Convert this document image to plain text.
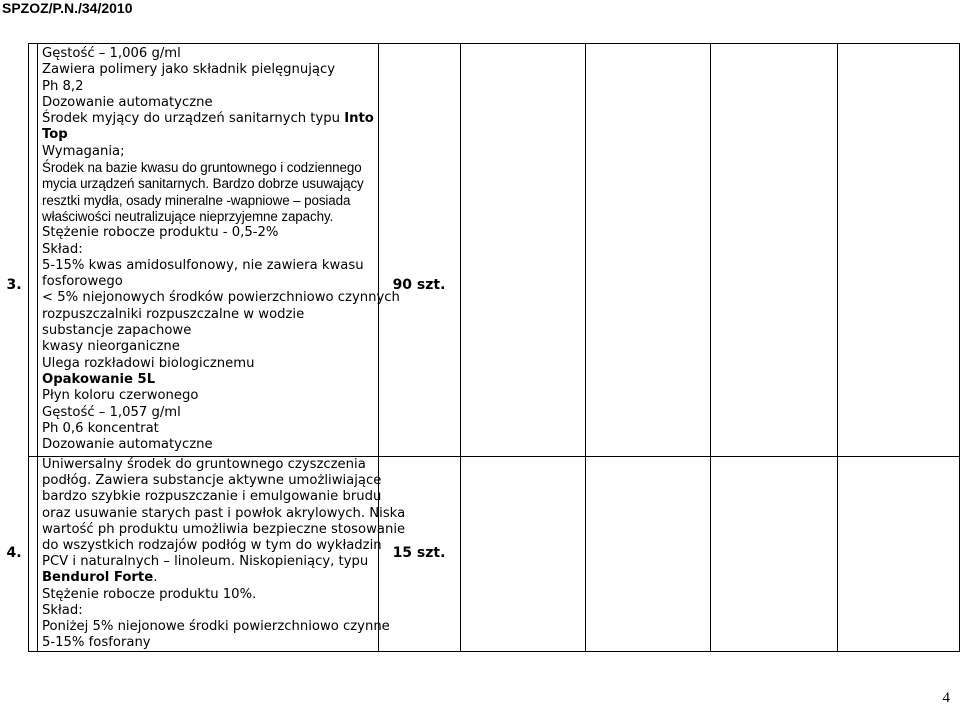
SPZOZ/P.N./34/2010
3.	90 szt.
Gęstość – 1,006 g/ml
Zawiera polimery jako składnik pielęgnujący
Ph 8,2
Dozowanie automatyczne
Środek myjący do urządzeń sanitarnych typu Into
Top
Wymagania;
Środek na bazie kwasu do gruntownego i codziennego
mycia urządzeń sanitarnych. Bardzo dobrze usuwający
resztki mydła, osady mineralne -wapniowe – posiada
właściwości neutralizujące nieprzyjemne zapachy.
Stężenie robocze produktu - 0,5-2%
Skład:
5-15% kwas amidosulfonowy, nie zawiera kwasu
fosforowego
< 5% niejonowych środków powierzchniowo czynnych
rozpuszczalniki rozpuszczalne w wodzie
substancje zapachowe
kwasy nieorganiczne
Ulega rozkładowi biologicznemu
Opakowanie 5L
Płyn koloru czerwonego
Gęstość – 1,057 g/ml
Ph 0,6 koncentrat
Dozowanie automatyczne
4.	15 szt.
Uniwersalny środek do gruntownego czyszczenia
podłóg. Zawiera substancje aktywne umożliwiające
bardzo szybkie rozpuszczanie i emulgowanie brudu
oraz usuwanie starych past i powłok akrylowych. Niska
wartość ph produktu umożliwia bezpieczne stosowanie
do wszystkich rodzajów podłóg w tym do wykładzin
PCV i naturalnych – linoleum. Niskopieniący, typu
Bendurol Forte.
Stężenie robocze produktu 10%.
Skład:
Poniżej 5% niejonowe środki powierzchniowo czynne
5-15% fosforany
4
